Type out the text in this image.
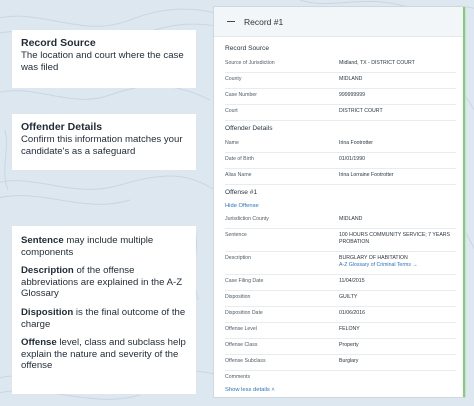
Record Source
The location and court where the case was filed
Offender Details
Confirm this information matches your candidate's as a safeguard
Sentence may include multiple components
Description of the offense abbreviations are explained in the A-Z Glossary
Disposition is the final outcome of the charge
Offense level, class and subclass help explain the nature and severity of the offense
Record #1
Record Source
Source of Jurisdiction	Midland, TX - DISTRICT COURT
County	MIDLAND
Case Number	999999999
Court	DISTRICT COURT
Offender Details
Name	Irina Footrotter
Date of Birth	01/01/1990
Alias Name	Irina Lorraine Footrotter
Offense #1
Hide Offense
Jurisdiction County	MIDLAND
Sentence	100 HOURS COMMUNITY SERVICE; 7 YEARS
PROBATION
Description	BURGLARY OF HABITATION
A-Z Glossary of Criminal Terms →
Case Filing Date	11/04/2015
Disposition	GUILTY
Disposition Date	01/06/2016
Offense Level	FELONY
Offense Class	Property
Offense Subclass	Burglary
Comments
Show less details ˄
